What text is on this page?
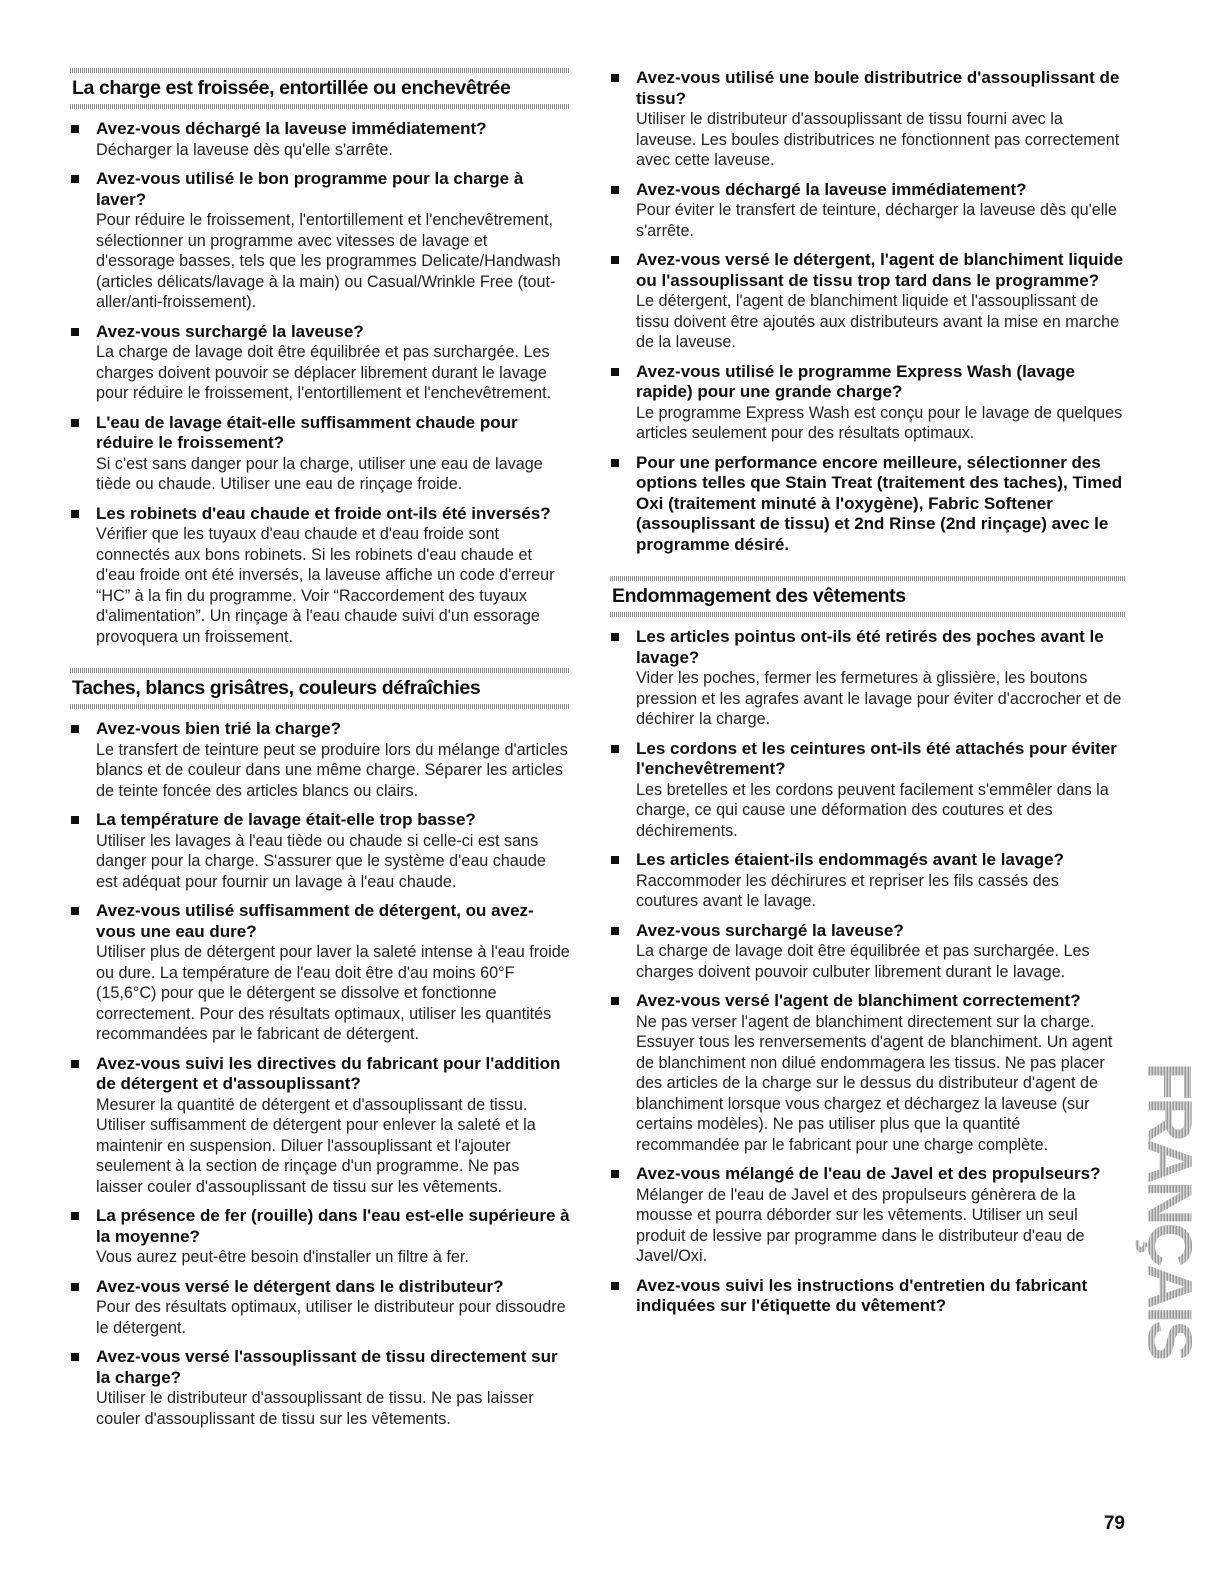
La charge est froissée, entortillée ou enchevêtrée
Avez-vous déchargé la laveuse immédiatement?
Décharger la laveuse dès qu'elle s'arrête.
Avez-vous utilisé le bon programme pour la charge à laver?
Pour réduire le froissement, l'entortillement et l'enchevêtrement, sélectionner un programme avec vitesses de lavage et d'essorage basses, tels que les programmes Delicate/Handwash (articles délicats/lavage à la main) ou Casual/Wrinkle Free (tout-aller/anti-froissement).
Avez-vous surchargé la laveuse?
La charge de lavage doit être équilibrée et pas surchargée. Les charges doivent pouvoir se déplacer librement durant le lavage pour réduire le froissement, l'entortillement et l'enchevêtrement.
L'eau de lavage était-elle suffisamment chaude pour réduire le froissement?
Si c'est sans danger pour la charge, utiliser une eau de lavage tiède ou chaude. Utiliser une eau de rinçage froide.
Les robinets d'eau chaude et froide ont-ils été inversés?
Vérifier que les tuyaux d'eau chaude et d'eau froide sont connectés aux bons robinets. Si les robinets d'eau chaude et d'eau froide ont été inversés, la laveuse affiche un code d'erreur “HC” à la fin du programme. Voir “Raccordement des tuyaux d'alimentation”. Un rinçage à l'eau chaude suivi d'un essorage provoquera un froissement.
Taches, blancs grisâtres, couleurs défraîchies
Avez-vous bien trié la charge?
Le transfert de teinture peut se produire lors du mélange d'articles blancs et de couleur dans une même charge. Séparer les articles de teinte foncée des articles blancs ou clairs.
La température de lavage était-elle trop basse?
Utiliser les lavages à l'eau tiède ou chaude si celle-ci est sans danger pour la charge. S'assurer que le système d'eau chaude est adéquat pour fournir un lavage à l'eau chaude.
Avez-vous utilisé suffisamment de détergent, ou avez-vous une eau dure?
Utiliser plus de détergent pour laver la saleté intense à l'eau froide ou dure. La température de l'eau doit être d'au moins 60°F (15,6°C) pour que le détergent se dissolve et fonctionne correctement. Pour des résultats optimaux, utiliser les quantités recommandées par le fabricant de détergent.
Avez-vous suivi les directives du fabricant pour l'addition de détergent et d'assouplissant?
Mesurer la quantité de détergent et d'assouplissant de tissu. Utiliser suffisamment de détergent pour enlever la saleté et la maintenir en suspension. Diluer l'assouplissant et l'ajouter seulement à la section de rinçage d'un programme. Ne pas laisser couler d'assouplissant de tissu sur les vêtements.
La présence de fer (rouille) dans l'eau est-elle supérieure à la moyenne?
Vous aurez peut-être besoin d'installer un filtre à fer.
Avez-vous versé le détergent dans le distributeur?
Pour des résultats optimaux, utiliser le distributeur pour dissoudre le détergent.
Avez-vous versé l'assouplissant de tissu directement sur la charge?
Utiliser le distributeur d'assouplissant de tissu. Ne pas laisser couler d'assouplissant de tissu sur les vêtements.
Avez-vous utilisé une boule distributrice d'assouplissant de tissu?
Utiliser le distributeur d'assouplissant de tissu fourni avec la laveuse. Les boules distributrices ne fonctionnent pas correctement avec cette laveuse.
Avez-vous déchargé la laveuse immédiatement?
Pour éviter le transfert de teinture, décharger la laveuse dès qu'elle s'arrête.
Avez-vous versé le détergent, l'agent de blanchiment liquide ou l'assouplissant de tissu trop tard dans le programme?
Le détergent, l'agent de blanchiment liquide et l'assouplissant de tissu doivent être ajoutés aux distributeurs avant la mise en marche de la laveuse.
Avez-vous utilisé le programme Express Wash (lavage rapide) pour une grande charge?
Le programme Express Wash est conçu pour le lavage de quelques articles seulement pour des résultats optimaux.
Pour une performance encore meilleure, sélectionner des options telles que Stain Treat (traitement des taches), Timed Oxi (traitement minuté à l'oxygène), Fabric Softener (assouplissant de tissu) et 2nd Rinse (2nd rinçage) avec le programme désiré.
Endommagement des vêtements
Les articles pointus ont-ils été retirés des poches avant le lavage?
Vider les poches, fermer les fermetures à glissière, les boutons pression et les agrafes avant le lavage pour éviter d'accrocher et de déchirer la charge.
Les cordons et les ceintures ont-ils été attachés pour éviter l'enchevêtrement?
Les bretelles et les cordons peuvent facilement s'emmêler dans la charge, ce qui cause une déformation des coutures et des déchirements.
Les articles étaient-ils endommagés avant le lavage?
Raccommoder les déchirures et repriser les fils cassés des coutures avant le lavage.
Avez-vous surchargé la laveuse?
La charge de lavage doit être équilibrée et pas surchargée. Les charges doivent pouvoir culbuter librement durant le lavage.
Avez-vous versé l'agent de blanchiment correctement?
Ne pas verser l'agent de blanchiment directement sur la charge. Essuyer tous les renversements d'agent de blanchiment. Un agent de blanchiment non dilué endommagera les tissus. Ne pas placer des articles de la charge sur le dessus du distributeur d'agent de blanchiment lorsque vous chargez et déchargez la laveuse (sur certains modèles). Ne pas utiliser plus que la quantité recommandée par le fabricant pour une charge complète.
Avez-vous mélangé de l'eau de Javel et des propulseurs?
Mélanger de l'eau de Javel et des propulseurs génèrera de la mousse et pourra déborder sur les vêtements. Utiliser un seul produit de lessive par programme dans le distributeur d'eau de Javel/Oxi.
Avez-vous suivi les instructions d'entretien du fabricant indiquées sur l'étiquette du vêtement?	FRANÇAIS
79
